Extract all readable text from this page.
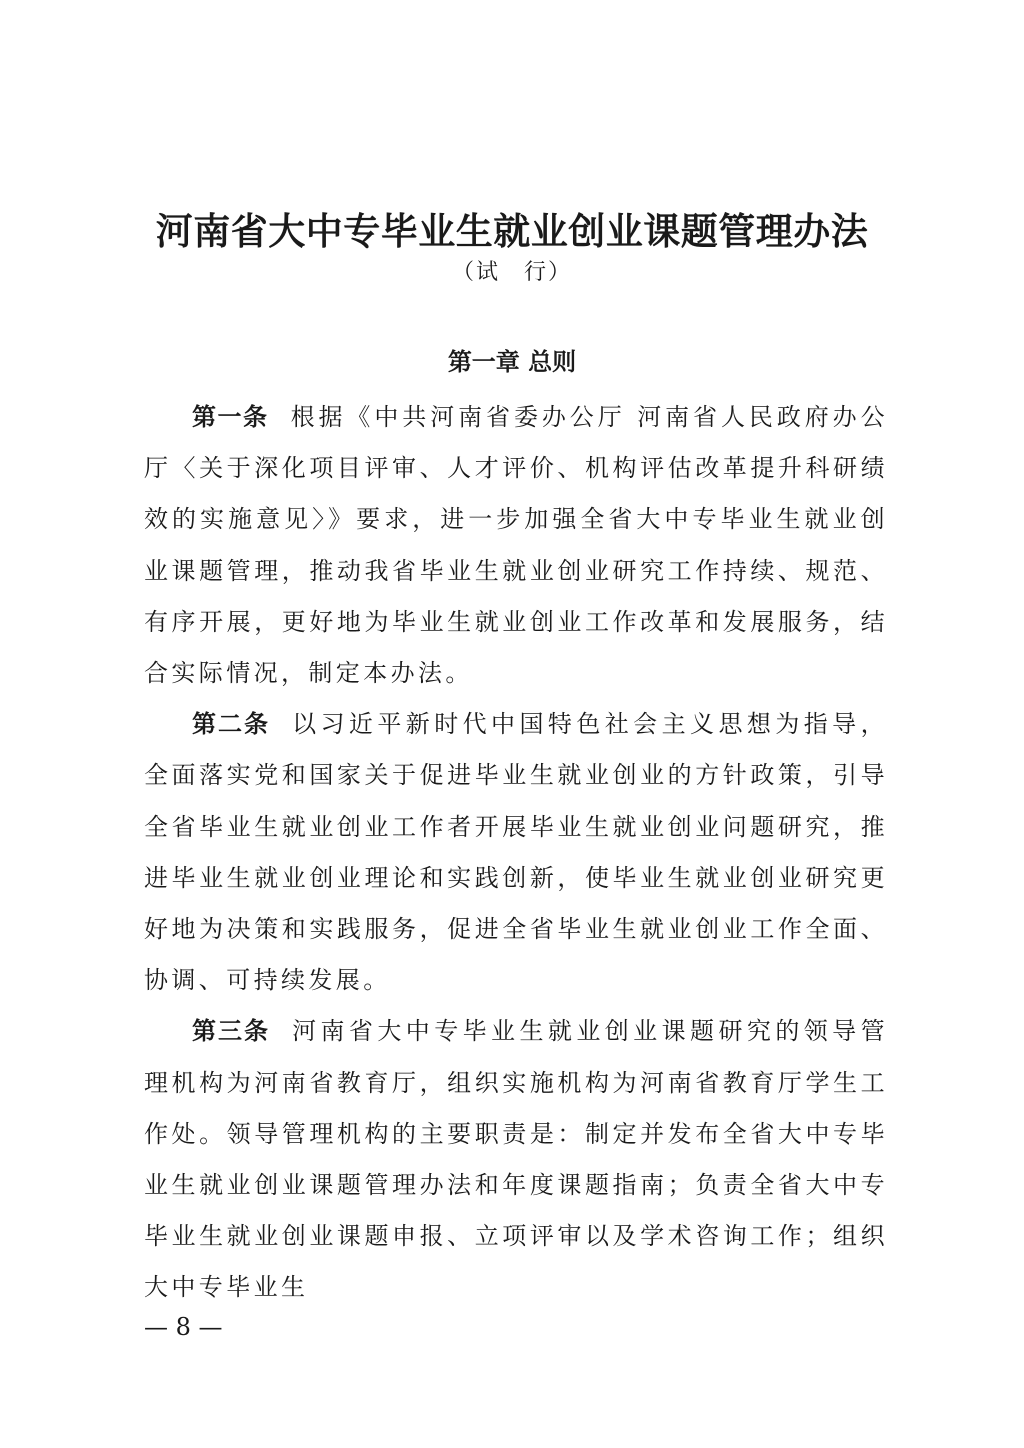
河南省大中专毕业生就业创业课题管理办法
（试　行）
第一章 总则

第一条 根据《中共河南省委办公厅 河南省人民政府办公厅〈关于深化项目评审、人才评价、机构评估改革提升科研绩效的实施意见〉》要求，进一步加强全省大中专毕业生就业创业课题管理，推动我省毕业生就业创业研究工作持续、规范、有序开展，更好地为毕业生就业创业工作改革和发展服务，结合实际情况，制定本办法。

第二条 以习近平新时代中国特色社会主义思想为指导，全面落实党和国家关于促进毕业生就业创业的方针政策，引导全省毕业生就业创业工作者开展毕业生就业创业问题研究，推进毕业生就业创业理论和实践创新，使毕业生就业创业研究更好地为决策和实践服务，促进全省毕业生就业创业工作全面、协调、可持续发展。

第三条 河南省大中专毕业生就业创业课题研究的领导管理机构为河南省教育厅，组织实施机构为河南省教育厅学生工作处。领导管理机构的主要职责是：制定并发布全省大中专毕业生就业创业课题管理办法和年度课题指南；负责全省大中专毕业生就业创业课题申报、立项评审以及学术咨询工作；组织大中专毕业生

— 8 —
